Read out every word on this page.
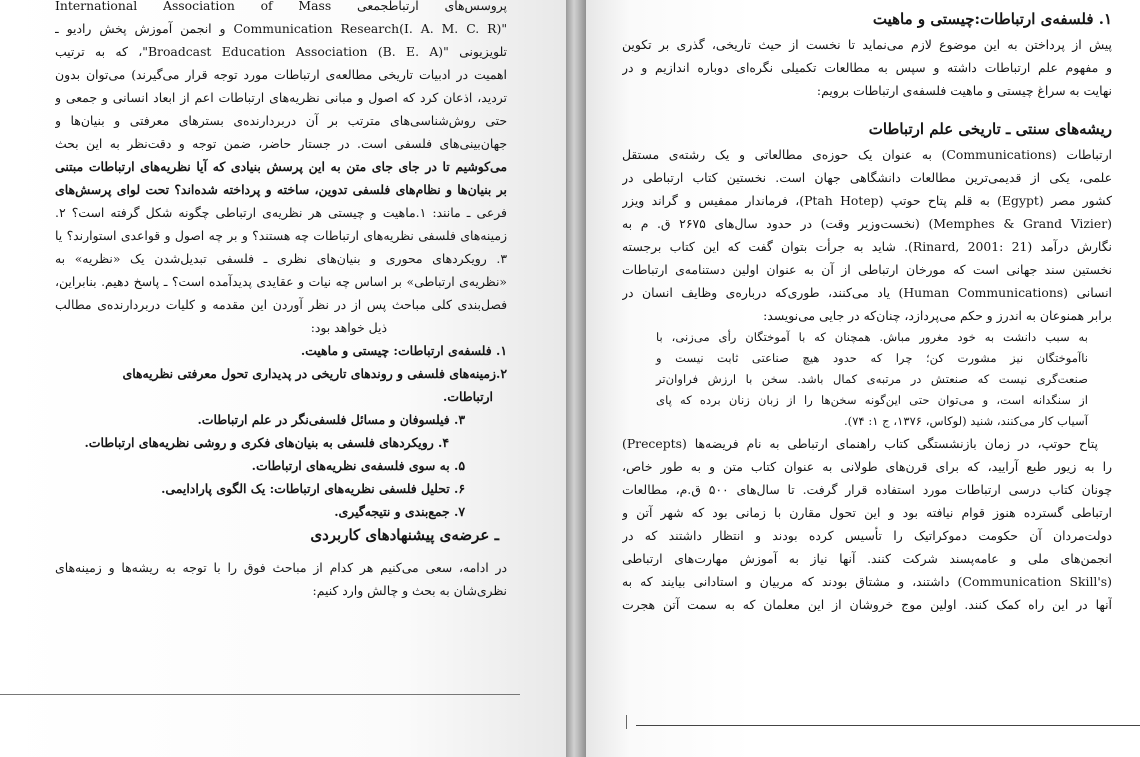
پروسس‌های ارتباطجمعی International Association of Mass
"Communication Research(I. A. M. C. R) و انجمن آموزش پخش رادیو ـ
تلویزیونی "Broadcast Education Association (B. E. A)"، که به ترتیب
اهمیت در ادبیات تاریخی مطالعه‌ی ارتباطات مورد توجه قرار می‌گیرند) می‌توان بدون
تردید، اذعان کرد که اصول و مبانی نظریه‌های ارتباطات اعم از ابعاد انسانی و جمعی و
حتی روش‌شناسی‌های مترتب بر آن دربردارنده‌ی بسترهای معرفتی و بنیان‌ها و
جهان‌بینی‌های فلسفی است. در جستار حاضر، ضمن توجه و دقت‌نظر به این بحث
می‌کوشیم تا در جای جای متن به این پرسش بنیادی که آیا نظریه‌های ارتباطات مبتنی
بر بنیان‌ها و نظام‌های فلسفی تدوین، ساخته و پرداخته شده‌اند؟ تحت لوای پرسش‌های
فرعی ـ مانند: ۱.ماهیت و چیستی هر نظریه‌ی ارتباطی چگونه شکل گرفته است؟ ۲.
زمینه‌های فلسفی نظریه‌های ارتباطات چه هستند؟ و بر چه اصول و قواعدی استوارند؟ یا
۳. رویکردهای محوری و بنیان‌های نظری ـ فلسفی تبدیل‌شدن یک «نظریه» به
«نظریه‌ی ارتباطی» بر اساس چه نیات و عقایدی پدیدآمده است؟ ـ پاسخ دهیم. بنابراین،
فصل‌بندی کلی مباحث پس از در نظر آوردن این مقدمه و کلیات دربردارنده‌ی مطالب
ذیل خواهد بود:
۱. فلسفه‌ی ارتباطات: چیستی و ماهیت.
۲.زمینه‌های فلسفی و روندهای تاریخی در پدیداری تحول معرفتی نظریه‌های
ارتباطات.
۳. فیلسوفان و مسائل فلسفی‌نگر در علم ارتباطات.
۴. رویکردهای فلسفی به بنیان‌های فکری و روشی نظریه‌های ارتباطات.
۵. به سوی فلسفه‌ی نظریه‌های ارتباطات.
۶. تحلیل فلسفی نظریه‌های ارتباطات: یک الگوی پارادایمی.
۷. جمع‌بندی و نتیجه‌گیری.
ـ عرضه‌ی پیشنهادهای کاربردی
در ادامه، سعی می‌کنیم هر کدام از مباحث فوق را با توجه به ریشه‌ها و زمینه‌های
نظری‌شان به بحث و چالش وارد کنیم:
۱. فلسفه‌ی ارتباطات:چیستی و ماهیت
پیش از پرداختن به این موضوع لازم می‌نماید تا نخست از حیث تاریخی، گذری بر تکوین
و مفهوم علم ارتباطات داشته و سپس به مطالعات تکمیلی نگره‌ای دوباره اندازیم و در
نهایت به سراغ چیستی و ماهیت فلسفه‌ی ارتباطات برویم:
ریشه‌های سنتی ـ تاریخی علم ارتباطات
ارتباطات (Communications) به عنوان یک حوزه‌ی مطالعاتی و یک رشته‌ی مستقل
علمی، یکی از قدیمی‌ترین مطالعات دانشگاهی جهان است. نخستین کتاب ارتباطی در
کشور مصر (Egypt) به قلم پتاح حوتپ (Ptah Hotep)، فرماندار ممفیس و گراند ویزر
(Memphes & Grand Vizier) (نخست‌وزیر وقت) در حدود سال‌های ۲۶۷۵ ق. م به
نگارش درآمد (Rinard, 2001: 21). شاید به جرأت بتوان گفت که این کتاب برجسته
نخستین سند جهانی است که مورخان ارتباطی از آن به عنوان اولین دستنامه‌ی ارتباطات
انسانی (Human Communications) یاد می‌کنند، طوری‌که درباره‌ی وظایف انسان در
برابر همنوعان به اندرز و حکم می‌پردازد، چنان‌که در جایی می‌نویسد:
به سبب دانشت به خود مغرور مباش. همچنان که با آموختگان رأی می‌زنی، با
ناآموختگان نیز مشورت کن؛ چرا که حدود هیچ صناعتی ثابت نیست و
صنعت‌گری نیست که صنعتش در مرتبه‌ی کمال باشد. سخن با ارزش فراوان‌تر
از سنگدانه است، و می‌توان حتی این‌گونه سخن‌ها را از زبان زنان برده که پای
آسیاب کار می‌کنند، شنید (لوکاس، ۱۳۷۶، ج ۱: ۷۴).
پتاح حوتپ، در زمان بازنشستگی کتاب راهنمای ارتباطی به نام فریضه‌ها (Precepts)
را به زیور طبع آرایید، که برای قرن‌های طولانی به عنوان کتاب متن و به طور خاص،
چونان کتاب درسی ارتباطات مورد استفاده قرار گرفت. تا سال‌های ۵۰۰ ق.م، مطالعات
ارتباطی گسترده هنوز قوام نیافته بود و این تحول مقارن با زمانی بود که شهر آتن و
دولت‌مردان آن حکومت دموکراتیک را تأسیس کرده بودند و انتظار داشتند که در
انجمن‌های ملی و عامه‌پسند شرکت کنند. آنها نیاز به آموزش مهارت‌های ارتباطی
(Communication Skill's) داشتند، و مشتاق بودند که مربیان و استادانی بیایند که به
آنها در این راه کمک کنند. اولین موج خروشان از این معلمان که به سمت آتن هجرت
